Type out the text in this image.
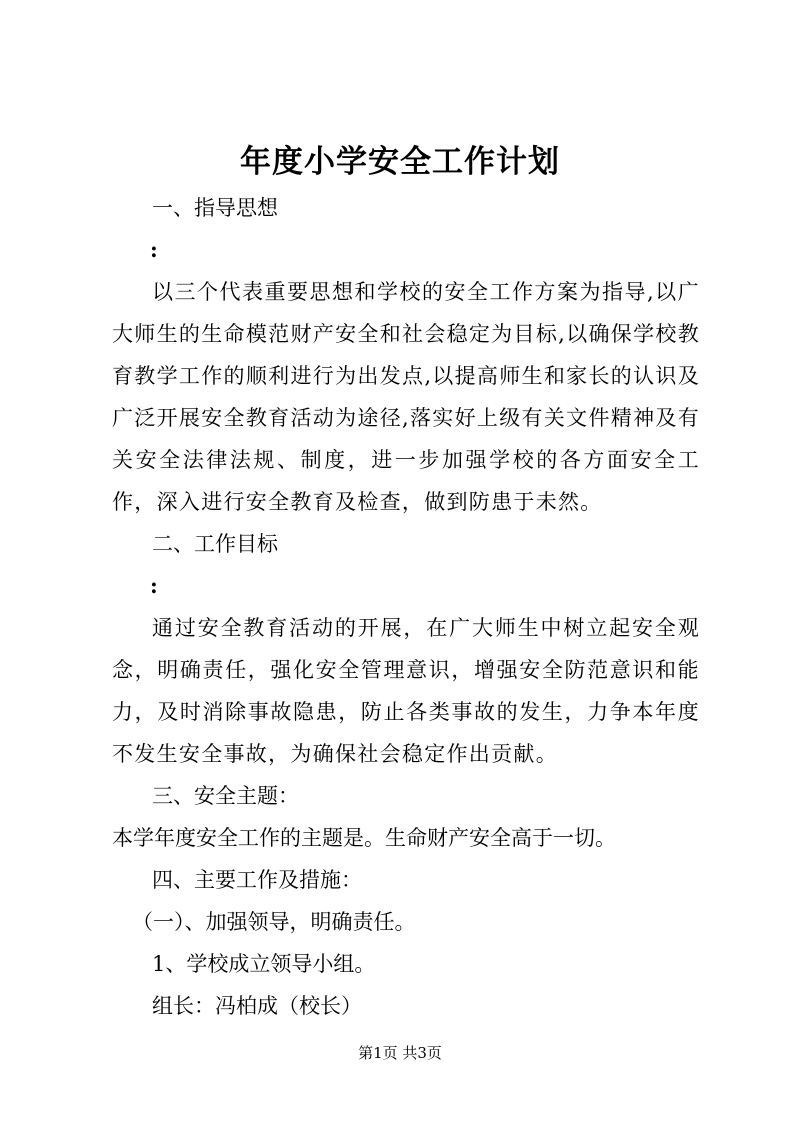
年度小学安全工作计划
一、指导思想
:
以三个代表重要思想和学校的安全工作方案为指导,以广大师生的生命模范财产安全和社会稳定为目标,以确保学校教育教学工作的顺利进行为出发点,以提高师生和家长的认识及广泛开展安全教育活动为途径,落实好上级有关文件精神及有关安全法律法规、制度，进一步加强学校的各方面安全工作，深入进行安全教育及检查，做到防患于未然。
二、工作目标
:
通过安全教育活动的开展，在广大师生中树立起安全观念，明确责任，强化安全管理意识，增强安全防范意识和能力，及时消除事故隐患，防止各类事故的发生，力争本年度不发生安全事故，为确保社会稳定作出贡献。
三、安全主题：
本学年度安全工作的主题是。生命财产安全高于一切。
四、主要工作及措施：
（一）、加强领导，明确责任。
1、学校成立领导小组。
组长：冯柏成（校长）
第1页 共3页
